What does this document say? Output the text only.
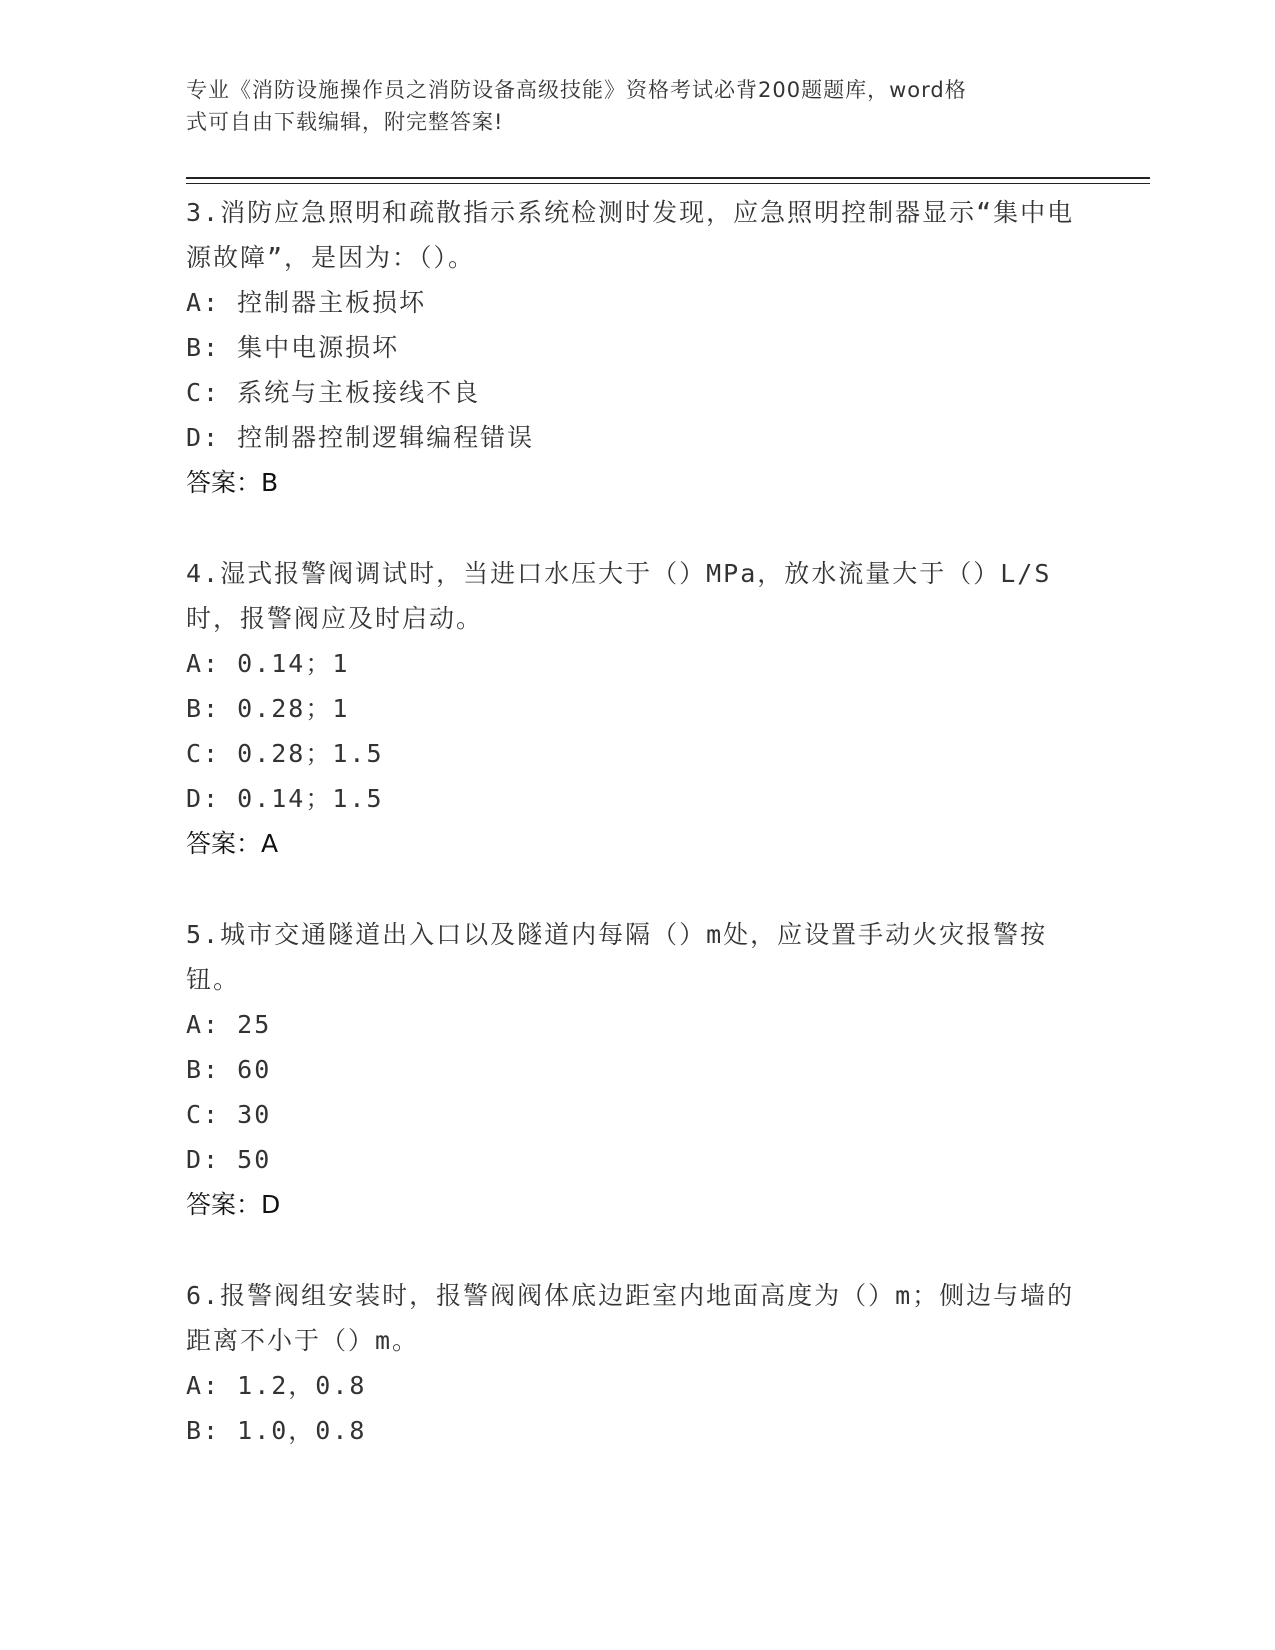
专业《消防设施操作员之消防设备高级技能》资格考试必背200题题库，word格
式可自由下载编辑，附完整答案!
3.消防应急照明和疏散指示系统检测时发现，应急照明控制器显示“集中电源故障”，是因为：（）。
A: 控制器主板损坏
B: 集中电源损坏
C: 系统与主板接线不良
D: 控制器控制逻辑编程错误
答案：B
4.湿式报警阀调试时，当进口水压大于（）MPa，放水流量大于（）L/S时，报警阀应及时启动。
A: 0.14；1
B: 0.28；1
C: 0.28；1.5
D: 0.14；1.5
答案：A
5.城市交通隧道出入口以及隧道内每隔（）m处，应设置手动火灾报警按钮。
A: 25
B: 60
C: 30
D: 50
答案：D
6.报警阀组安装时，报警阀阀体底边距室内地面高度为（）m；侧边与墙的距离不小于（）m。
A: 1.2，0.8
B: 1.0，0.8
